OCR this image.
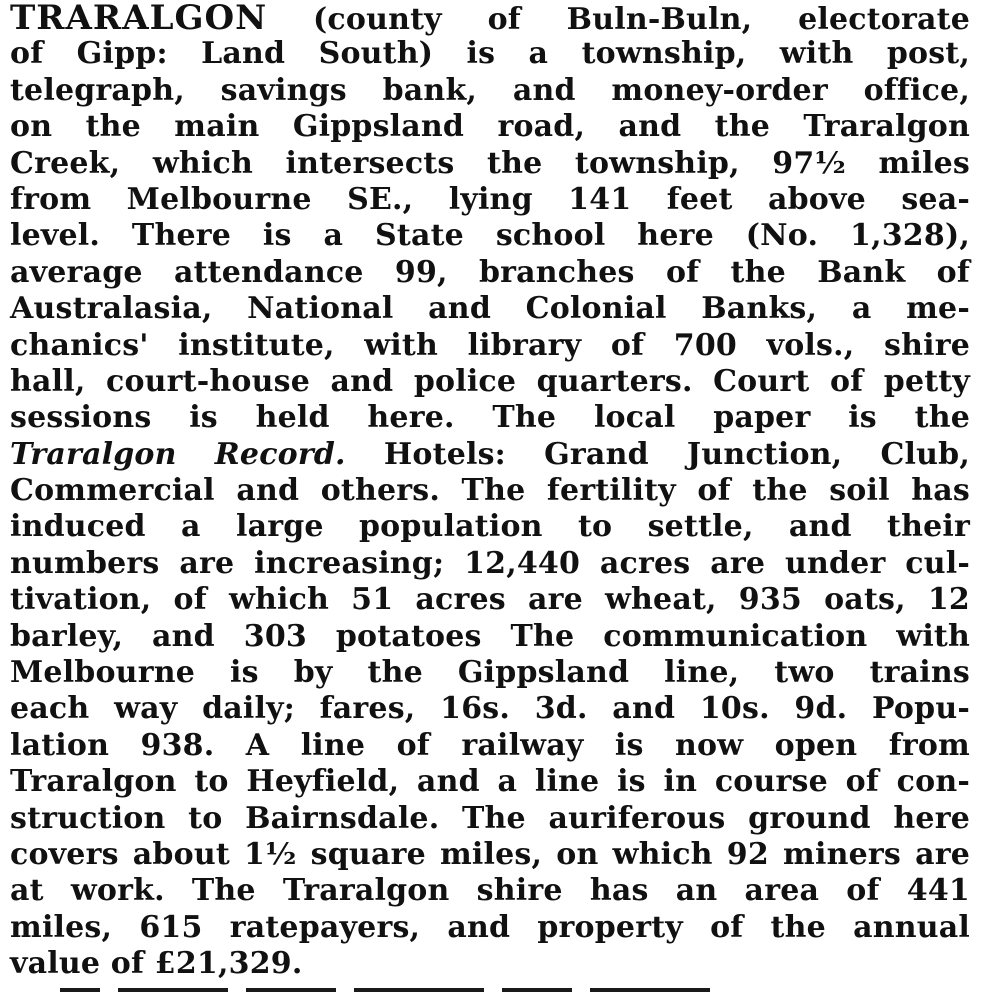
TRARALGON (county of Buln-Buln, electorate
of Gipp: Land South) is a township, with post,
telegraph, savings bank, and money-order office,
on the main Gippsland road, and the Traralgon
Creek, which intersects the township, 97½ miles
from Melbourne SE., lying 141 feet above sea-
level. There is a State school here (No. 1,328),
average attendance 99, branches of the Bank of
Australasia, National and Colonial Banks, a me-
chanics' institute, with library of 700 vols., shire
hall, court-house and police quarters. Court of petty
sessions is held here. The local paper is the
Traralgon Record. Hotels: Grand Junction, Club,
Commercial and others. The fertility of the soil has
induced a large population to settle, and their
numbers are increasing; 12,440 acres are under cul-
tivation, of which 51 acres are wheat, 935 oats, 12
barley, and 303 potatoes The communication with
Melbourne is by the Gippsland line, two trains
each way daily; fares, 16s. 3d. and 10s. 9d. Popu-
lation 938. A line of railway is now open from
Traralgon to Heyfield, and a line is in course of con-
struction to Bairnsdale. The auriferous ground here
covers about 1½ square miles, on which 92 miners are
at work. The Traralgon shire has an area of 441
miles, 615 ratepayers, and property of the annual
value of £21,329.
